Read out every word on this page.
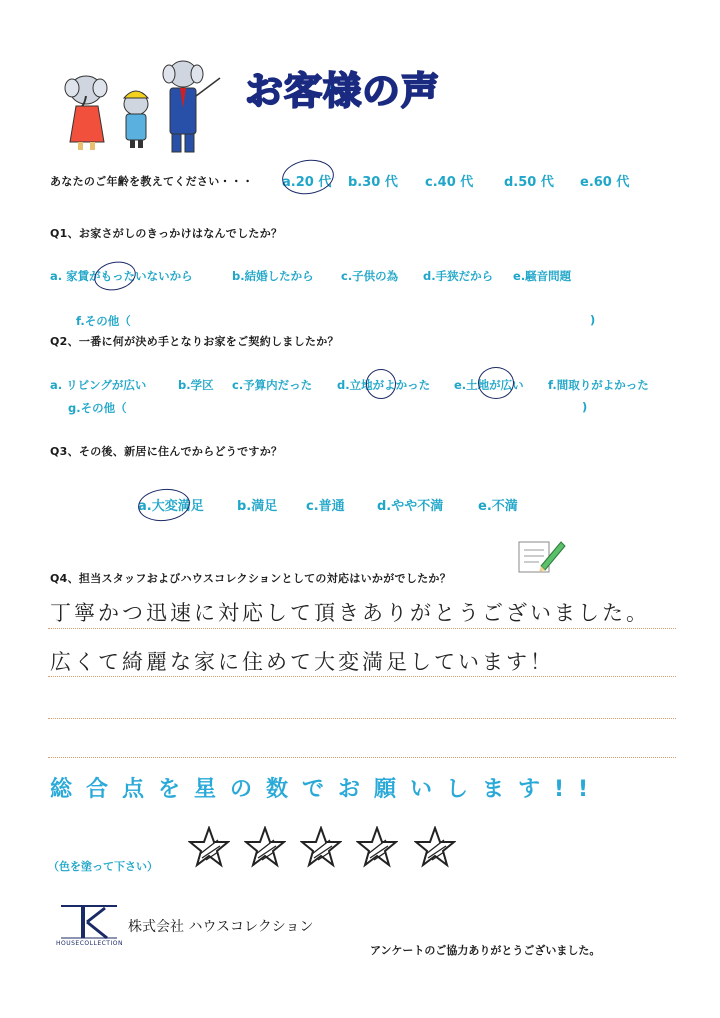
お客様の声
あなたのご年齢を教えてください・・・ a.20 代 b.30 代 c.40 代 d.50 代 e.60 代
Q1、お家さがしのきっかけはなんでしたか？
a. 家賃がもったいないから	b.結婚したから c.子供の為 d.手狭だから e.騒音問題
f.その他（	)
Q2、一番に何が決め手となりお家をご契約しましたか？
a. リビングが広い	b.学区 c.予算内だった d.立地がよかった e.土地が広い f.間取りがよかった
g.その他（	)
Q3、その後、新居に住んでからどうですか？
a.大変満足	b.満足 c.普通 d.やや不満	e.不満
Q4、担当スタッフおよびハウスコレクションとしての対応はいかがでしたか？
丁寧かつ迅速に対応して頂きありがとうございました。
広くて綺麗な家に住めて大変満足しています！
総合点を星の数でお願いします!!
（色を塗って下さい）
HOUSECOLLECTION
株式会社 ハウスコレクション
アンケートのご協力ありがとうございました。
